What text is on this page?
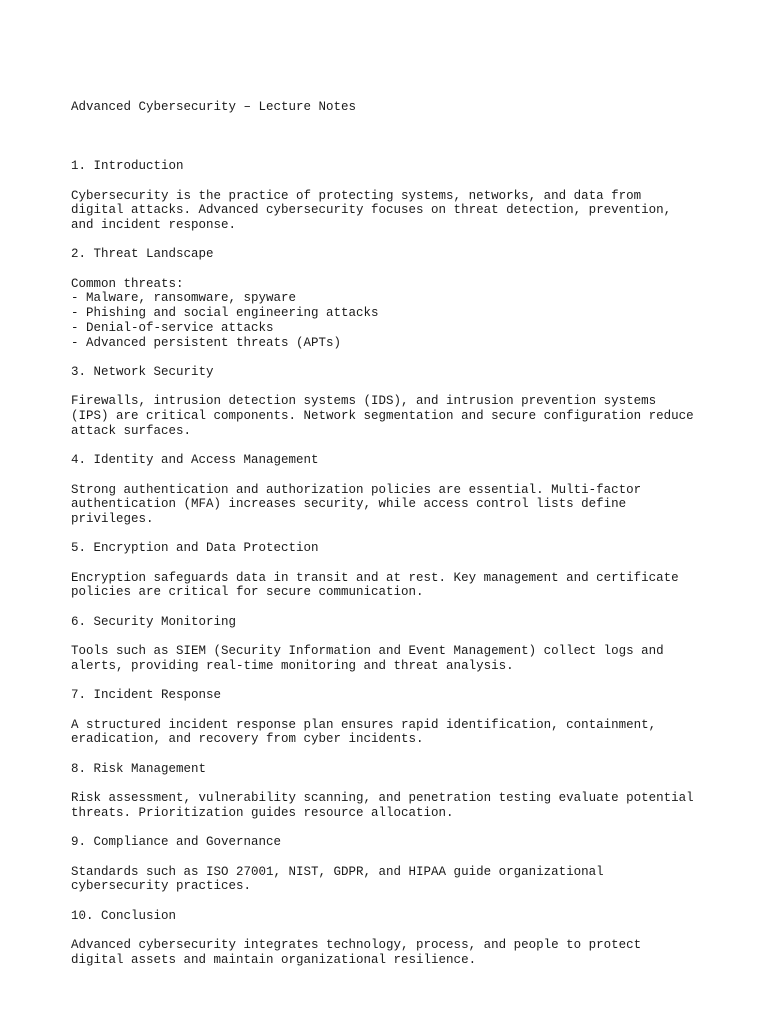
Advanced Cybersecurity – Lecture Notes

1. Introduction
Cybersecurity is the practice of protecting systems, networks, and data from
digital attacks. Advanced cybersecurity focuses on threat detection, prevention,
and incident response.
2. Threat Landscape
Common threats:
- Malware, ransomware, spyware
- Phishing and social engineering attacks
- Denial-of-service attacks
- Advanced persistent threats (APTs)
3. Network Security
Firewalls, intrusion detection systems (IDS), and intrusion prevention systems
(IPS) are critical components. Network segmentation and secure configuration reduce
attack surfaces.
4. Identity and Access Management
Strong authentication and authorization policies are essential. Multi-factor
authentication (MFA) increases security, while access control lists define
privileges.
5. Encryption and Data Protection
Encryption safeguards data in transit and at rest. Key management and certificate
policies are critical for secure communication.
6. Security Monitoring
Tools such as SIEM (Security Information and Event Management) collect logs and
alerts, providing real-time monitoring and threat analysis.
7. Incident Response
A structured incident response plan ensures rapid identification, containment,
eradication, and recovery from cyber incidents.
8. Risk Management
Risk assessment, vulnerability scanning, and penetration testing evaluate potential
threats. Prioritization guides resource allocation.
9. Compliance and Governance
Standards such as ISO 27001, NIST, GDPR, and HIPAA guide organizational
cybersecurity practices.
10. Conclusion
Advanced cybersecurity integrates technology, process, and people to protect
digital assets and maintain organizational resilience.
